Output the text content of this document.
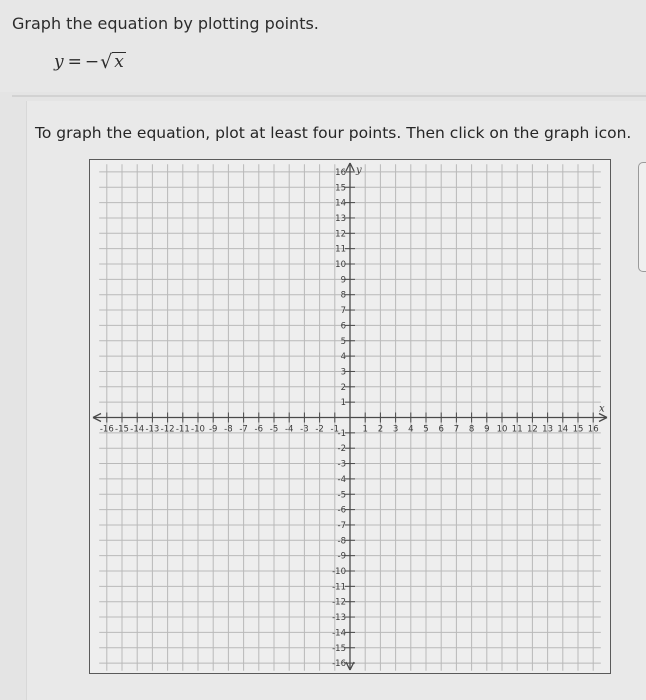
Graph the equation by plotting points.
y = − √ x
To graph the equation, plot at least four points. Then click on the graph icon.
x
y
-16 -15 -14 -13 -12 -11 -10 -9 -8 -7 -6 -5 -4 -3 -2 -1	1 2 3 4 5 6 7 8 9 10 11 12 13 14 15 16
16
15
14
13
12
11
10
9
8
7
6
5
4
3
2
1
-1
-2
-3
-4
-5
-6
-7
-8
-9
-10
-11
-12
-13
-14
-15
-16
